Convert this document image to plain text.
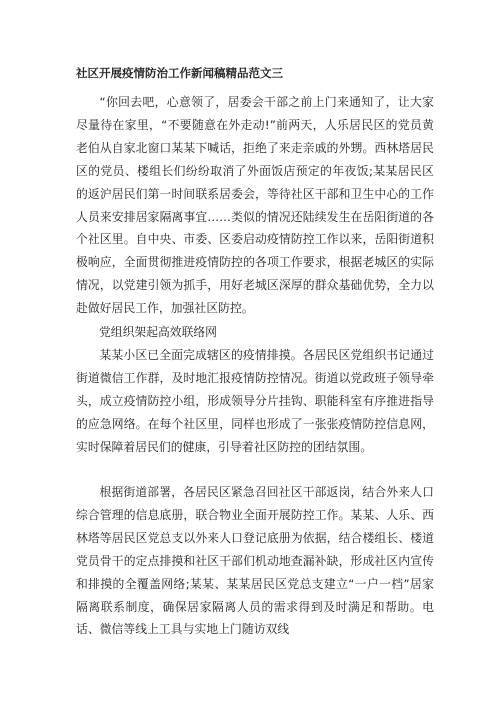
社区开展疫情防治工作新闻稿精品范文三

“你回去吧，心意领了，居委会干部之前上门来通知了，让大家尽量待在家里，“不要随意在外走动!”前两天，人乐居民区的党员黄老伯从自家北窗口某某下喊话，拒绝了来走亲戚的外甥。西林塔居民区的党员、楼组长们纷纷取消了外面饭店预定的年夜饭;某某居民区的返沪居民们第一时间联系居委会，等待社区干部和卫生中心的工作人员来安排居家隔离事宜……类似的情况还陆续发生在岳阳街道的各个社区里。自中央、市委、区委启动疫情防控工作以来，岳阳街道积极响应，全面贯彻推进疫情防控的各项工作要求，根据老城区的实际情况，以党建引领为抓手，用好老城区深厚的群众基础优势，全力以赴做好居民工作，加强社区防控。

党组织架起高效联络网

某某小区已全面完成辖区的疫情排摸。各居民区党组织书记通过街道微信工作群，及时地汇报疫情防控情况。街道以党政班子领导牵头，成立疫情防控小组，形成领导分片挂钩、职能科室有序推进指导的应急网络。在每个社区里，同样也形成了一张张疫情防控信息网，实时保障着居民们的健康，引导着社区防控的团结氛围。

根据街道部署，各居民区紧急召回社区干部返岗，结合外来人口综合管理的信息底册，联合物业全面开展防控工作。某某、人乐、西林塔等居民区党总支以外来人口登记底册为依据，结合楼组长、楼道党员骨干的定点排摸和社区干部们机动地查漏补缺，形成社区内宣传和排摸的全覆盖网络;某某、某某居民区党总支建立“一户一档”居家隔离联系制度，确保居家隔离人员的需求得到及时满足和帮助。电话、微信等线上工具与实地上门随访双线
